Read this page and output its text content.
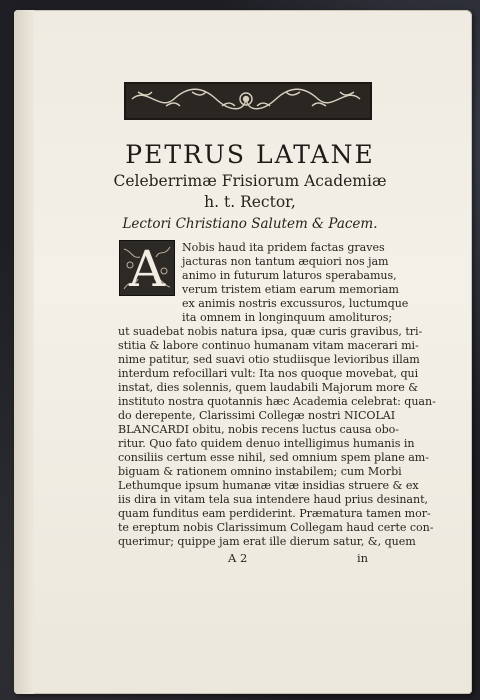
PETRUS LATANE
Celeberrimæ Frisiorum Academiæ
h. t. Rector,
Lectori Christiano Salutem & Pacem.
A	Nobis haud ita pridem factas graves
jacturas non tantum æquiori nos jam
animo in futurum laturos sperabamus,
verum tristem etiam earum memoriam
ex animis nostris excussuros, luctumque
ita omnem in longinquum amolituros;
ut suadebat nobis natura ipsa, quæ curis gravibus, tri-
stitia & labore continuo humanam vitam macerari mi-
nime patitur, sed suavi otio studiisque levioribus illam
interdum refocillari vult: Ita nos quoque movebat, qui
instat, dies solennis, quem laudabili Majorum more &
instituto nostra quotannis hæc Academia celebrat: quan-
do derepente, Clarissimi Collegæ nostri NICOLAI
BLANCARDI obitu, nobis recens luctus causa obo-
ritur. Quo fato quidem denuo intelligimus humanis in
consiliis certum esse nihil, sed omnium spem plane am-
biguam & rationem omnino instabilem; cum Morbi
Lethumque ipsum humanæ vitæ insidias struere & ex
iis dira in vitam tela sua intendere haud prius desinant,
quam funditus eam perdiderint. Præmatura tamen mor-
te ereptum nobis Clarissimum Collegam haud certe con-
querimur; quippe jam erat ille dierum satur, &, quem
A 2	in
